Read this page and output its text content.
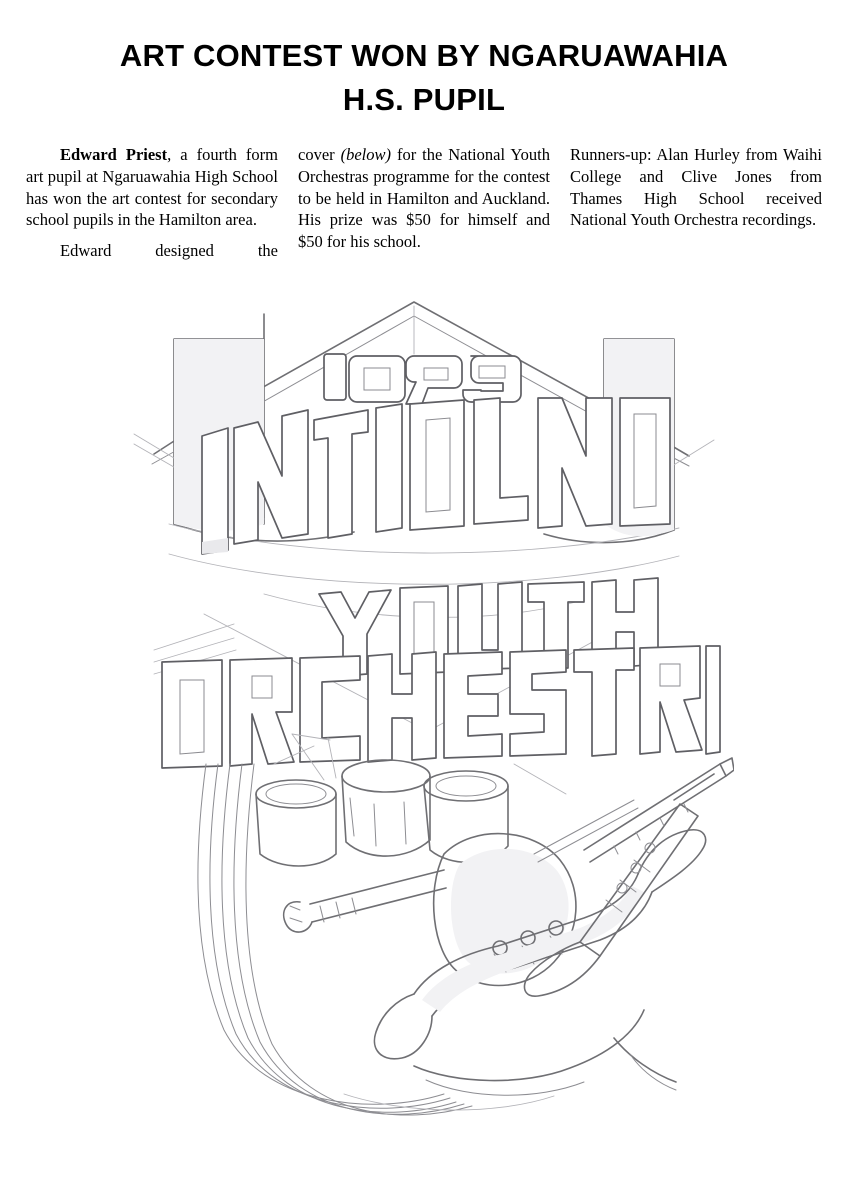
ART CONTEST WON BY NGARUAWAHIA
H.S. PUPIL

Edward Priest, a fourth form art pupil at Ngaruawahia High School has won the art contest for secondary school pupils in the Hamilton area.

Edward designed the

cover (below) for the National Youth Orchestras programme for the contest to be held in Hamilton and Auckland. His prize was $50 for himself and $50 for his school.

Runners-up: Alan Hurley from Waihi College and Clive Jones from Thames High School received National Youth Orchestra recordings.
